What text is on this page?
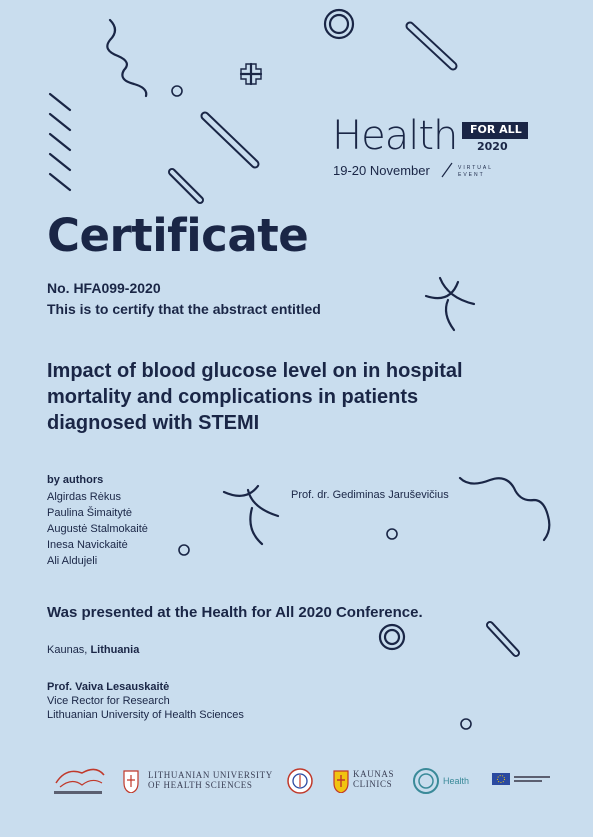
Health	FOR ALL
2020
19-20 November	VIRTUAL
EVENT
Certificate
No. HFA099-2020
This is to certify that the abstract entitled
Impact of blood glucose level on in hospital mortality and complications in patients diagnosed with STEMI
by authors
Algirdas Rėkus
Paulina Šimaitytė
Augustė Stalmokaitė
Inesa Navickaitė
Ali Aldujeli
Prof. dr. Gediminas Jaruševičius
Was presented at the Health for All 2020 Conference.
Kaunas, Lithuania
Prof. Vaiva Lesauskaitė
Vice Rector for Research
Lithuanian University of Health Sciences
LITHUANIAN UNIVERSITY
OF HEALTH SCIENCES
KAUNAS
CLINICS	Health
